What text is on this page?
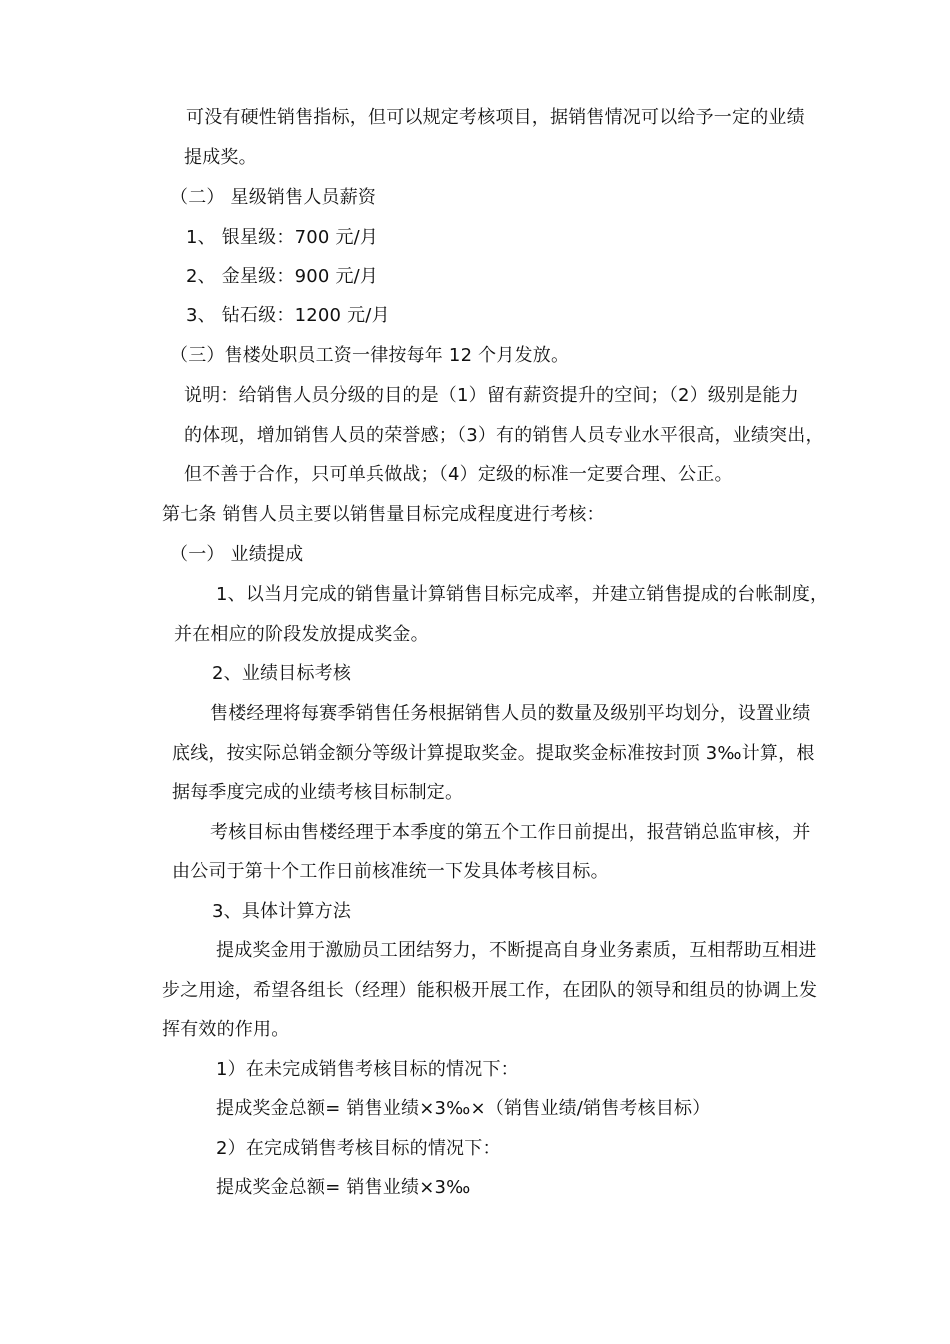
可没有硬性销售指标，但可以规定考核项目，据销售情况可以给予一定的业绩
提成奖。
（二） 星级销售人员薪资
1、 银星级：700 元/月
2、 金星级：900 元/月
3、 钻石级：1200 元/月
（三）售楼处职员工资一律按每年 12 个月发放。
说明：给销售人员分级的目的是（1）留有薪资提升的空间；（2）级别是能力
的体现，增加销售人员的荣誉感；（3）有的销售人员专业水平很高，业绩突出，
但不善于合作，只可单兵做战；（4）定级的标准一定要合理、公正。
第七条 销售人员主要以销售量目标完成程度进行考核：
（一） 业绩提成
1、以当月完成的销售量计算销售目标完成率，并建立销售提成的台帐制度，
并在相应的阶段发放提成奖金。
2、业绩目标考核
售楼经理将每赛季销售任务根据销售人员的数量及级别平均划分，设置业绩
底线，按实际总销金额分等级计算提取奖金。提取奖金标准按封顶 3‰计算，根
据每季度完成的业绩考核目标制定。
考核目标由售楼经理于本季度的第五个工作日前提出，报营销总监审核，并
由公司于第十个工作日前核准统一下发具体考核目标。
3、具体计算方法
提成奖金用于激励员工团结努力，不断提高自身业务素质，互相帮助互相进
步之用途，希望各组长（经理）能积极开展工作，在团队的领导和组员的协调上发
挥有效的作用。
1）在未完成销售考核目标的情况下：
提成奖金总额= 销售业绩×3‰×（销售业绩/销售考核目标）
2）在完成销售考核目标的情况下：
提成奖金总额= 销售业绩×3‰
